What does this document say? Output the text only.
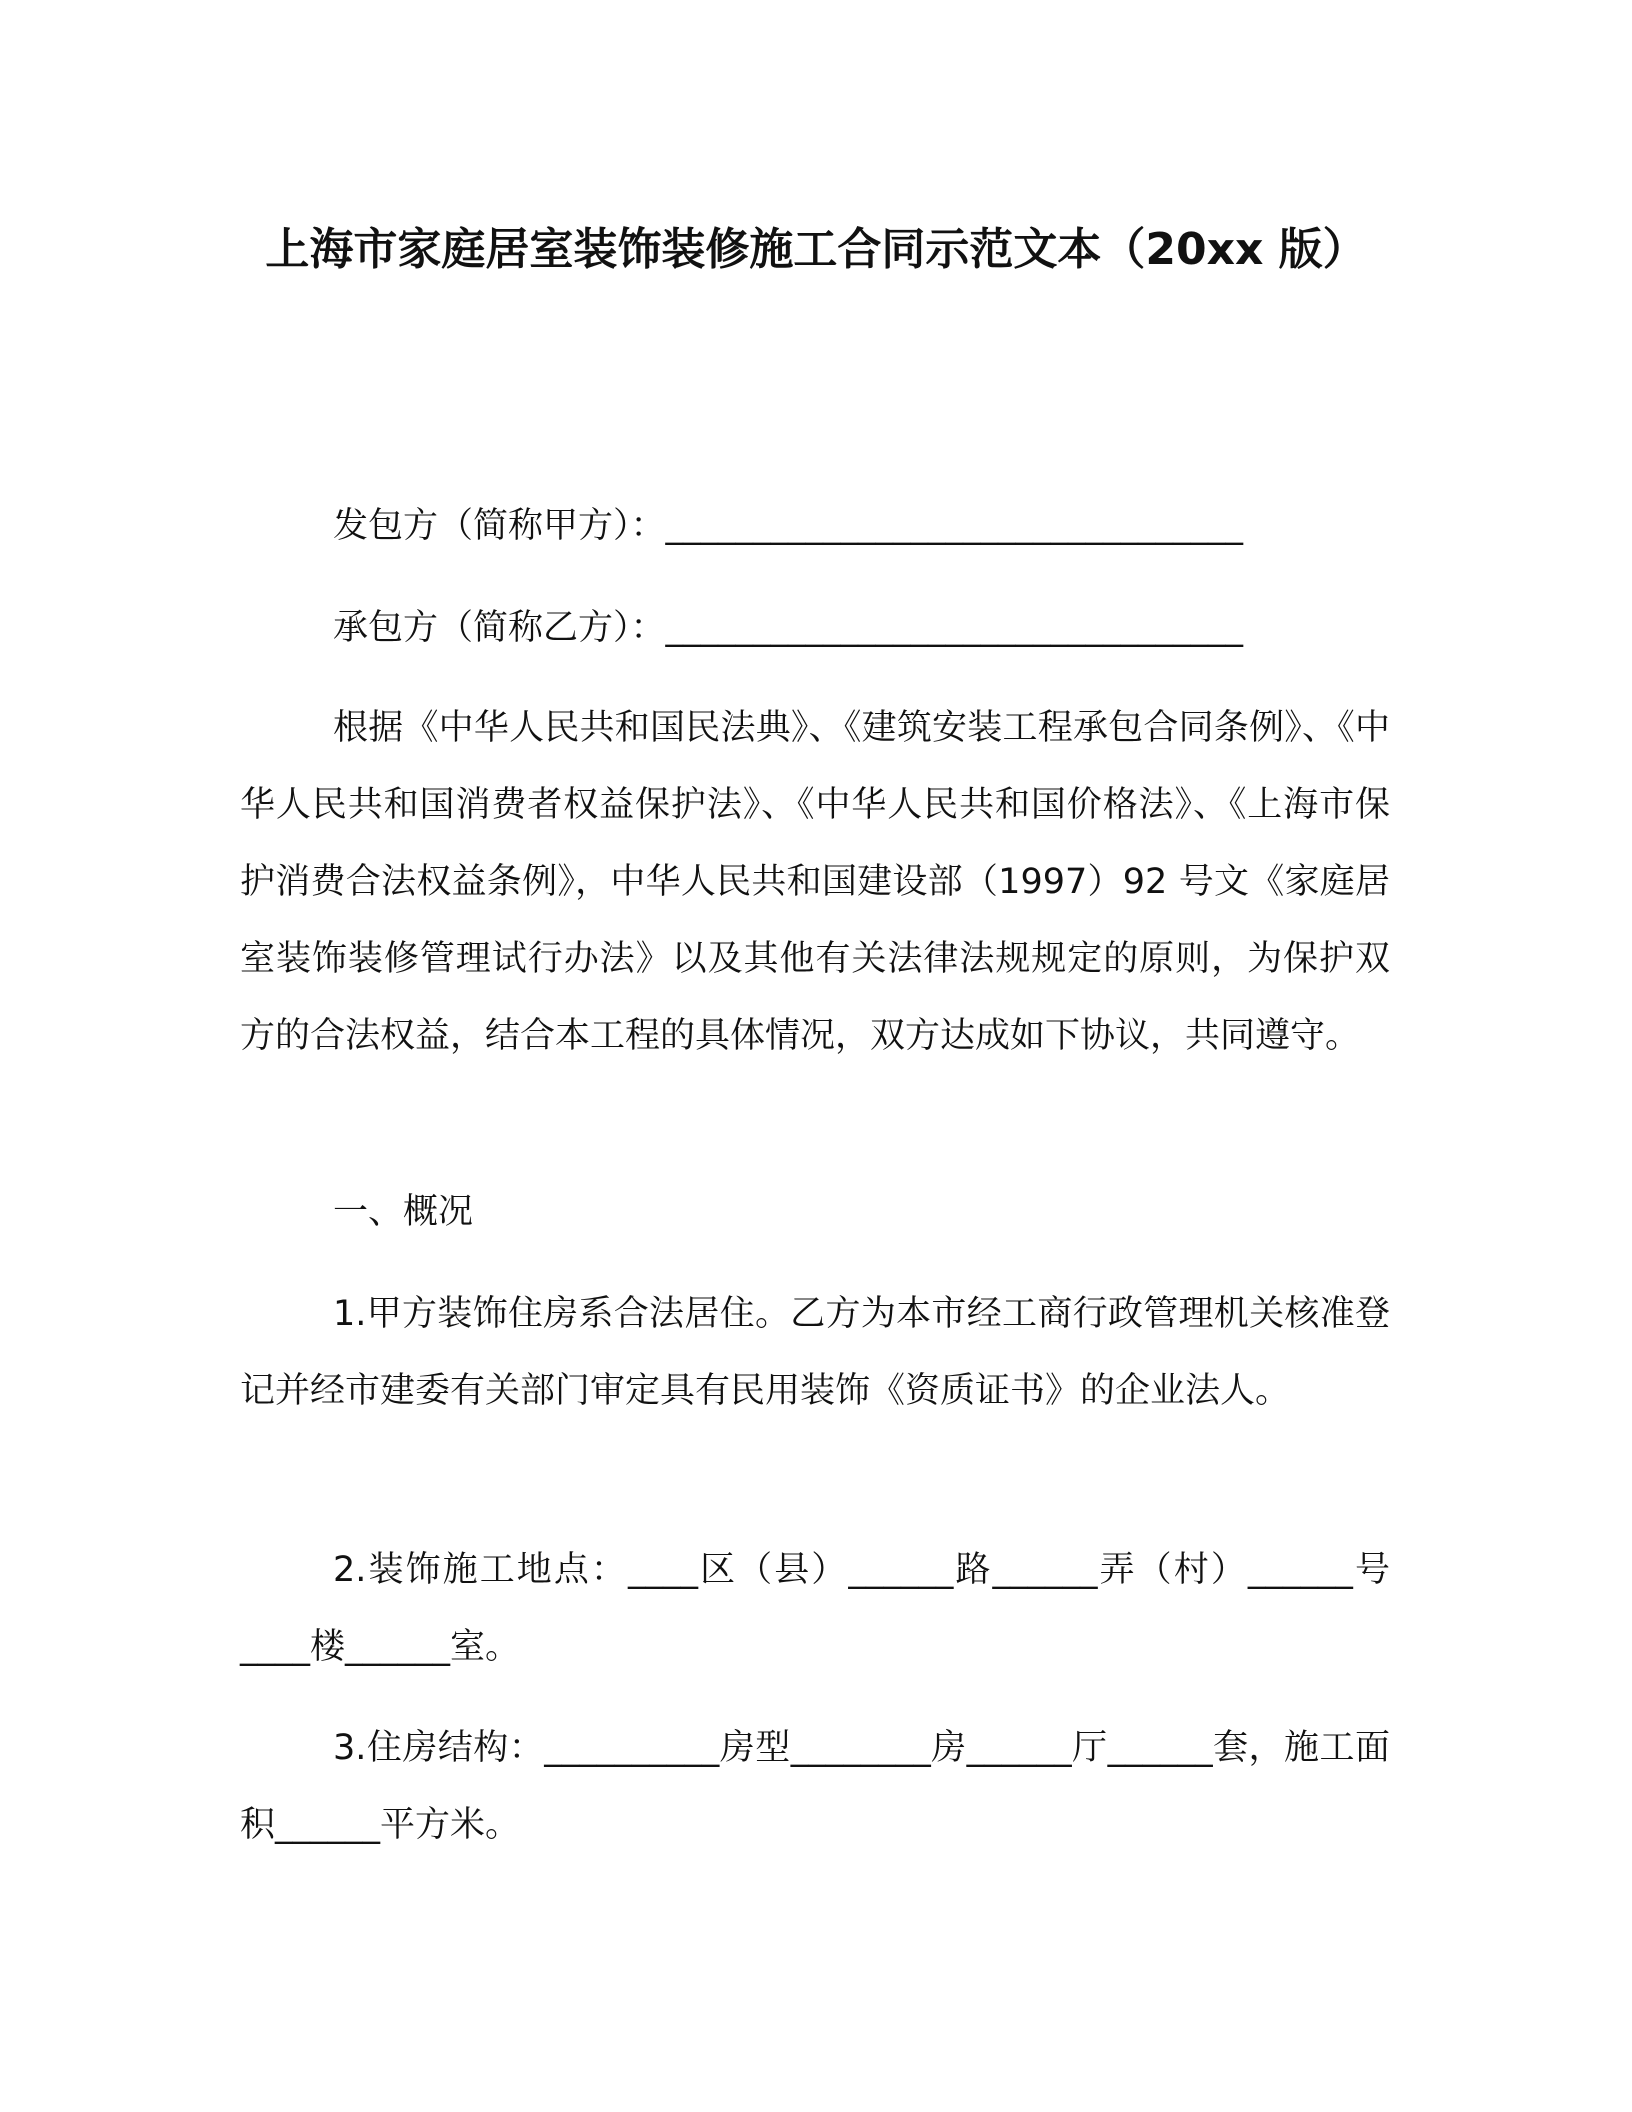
上海市家庭居室装饰装修施工合同示范文本（20xx 版）
发包方（简称甲方）：_________________________________
承包方（简称乙方）：_________________________________
根据《中华人民共和国民法典》、《建筑安装工程承包合同条例》、《中华人民共和国消费者权益保护法》、《中华人民共和国价格法》、《上海市保护消费合法权益条例》，中华人民共和国建设部（1997）92 号文《家庭居室装饰装修管理试行办法》以及其他有关法律法规规定的原则，为保护双方的合法权益，结合本工程的具体情况，双方达成如下协议，共同遵守。
一、概况
1.甲方装饰住房系合法居住。乙方为本市经工商行政管理机关核准登记并经市建委有关部门审定具有民用装饰《资质证书》的企业法人。
2.装饰施工地点：____区（县）______路______弄（村）______号____楼______室。
3.住房结构：__________房型________房______厅______套，施工面积______平方米。
